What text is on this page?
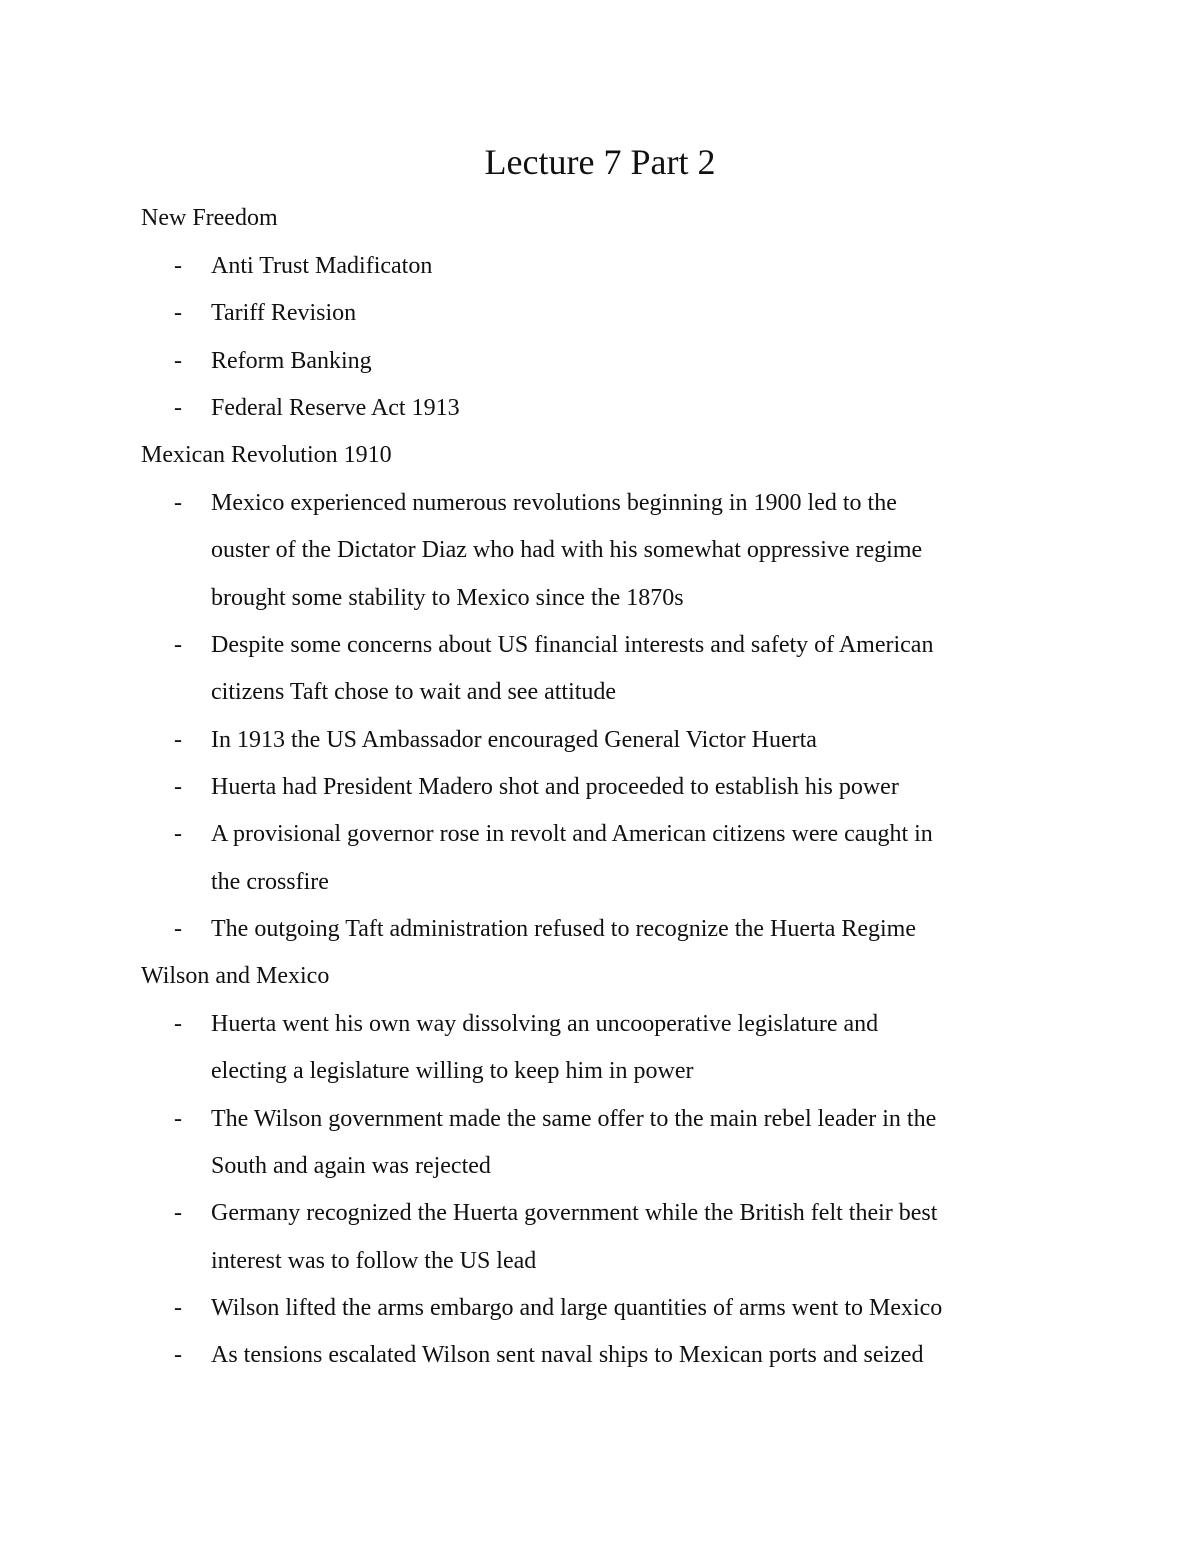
Lecture 7 Part 2

New Freedom

- Anti Trust Madificaton

- Tariff Revision

- Reform Banking

- Federal Reserve Act 1913

Mexican Revolution 1910

- Mexico experienced numerous revolutions beginning in 1900 led to the

ouster of the Dictator Diaz who had with his somewhat oppressive regime

brought some stability to Mexico since the 1870s

- Despite some concerns about US financial interests and safety of American

citizens Taft chose to wait and see attitude

- In 1913 the US Ambassador encouraged General Victor Huerta

- Huerta had President Madero shot and proceeded to establish his power

- A provisional governor rose in revolt and American citizens were caught in

the crossfire

- The outgoing Taft administration refused to recognize the Huerta Regime

Wilson and Mexico

- Huerta went his own way dissolving an uncooperative legislature and

electing a legislature willing to keep him in power

- The Wilson government made the same offer to the main rebel leader in the

South and again was rejected

- Germany recognized the Huerta government while the British felt their best

interest was to follow the US lead

- Wilson lifted the arms embargo and large quantities of arms went to Mexico

- As tensions escalated Wilson sent naval ships to Mexican ports and seized
